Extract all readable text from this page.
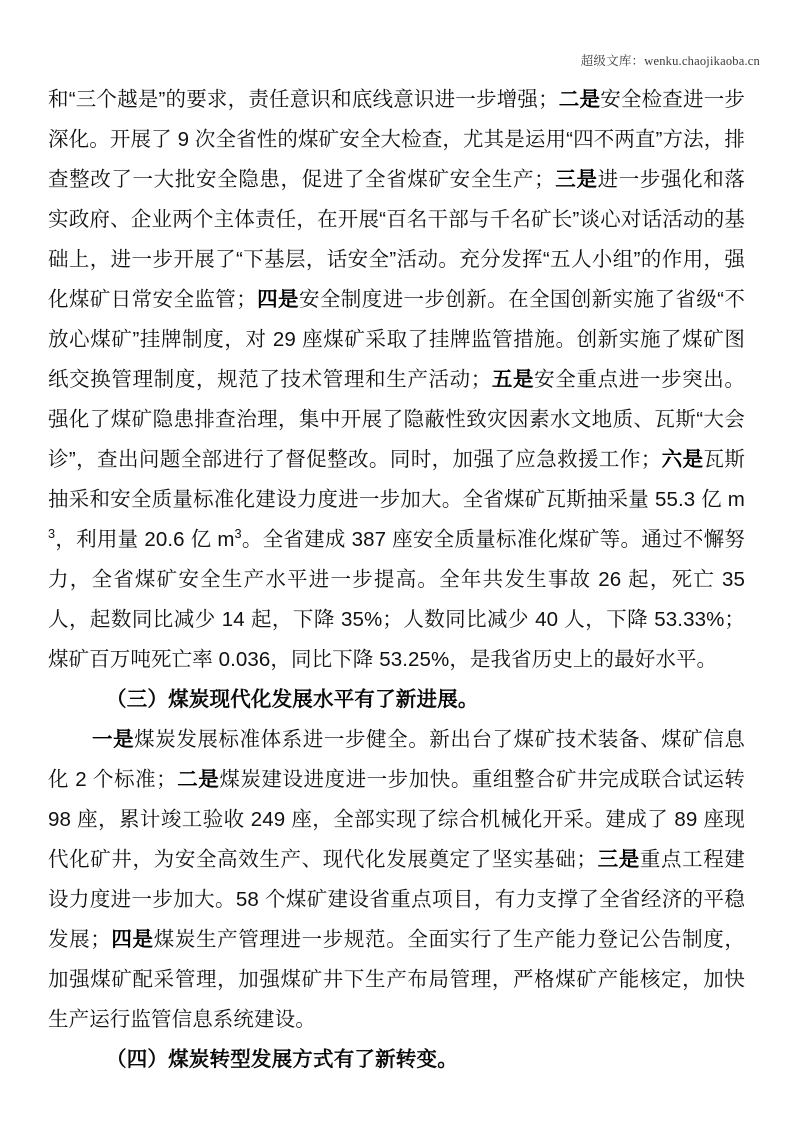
超级文库：wenku.chaojikaoba.cn

和“三个越是”的要求，责任意识和底线意识进一步增强；二是安全检查进一步深化。开展了 9 次全省性的煤矿安全大检查，尤其是运用“四不两直”方法，排查整改了一大批安全隐患，促进了全省煤矿安全生产；三是进一步强化和落实政府、企业两个主体责任，在开展“百名干部与千名矿长”谈心对话活动的基础上，进一步开展了“下基层，话安全”活动。充分发挥“五人小组”的作用，强化煤矿日常安全监管；四是安全制度进一步创新。在全国创新实施了省级“不放心煤矿”挂牌制度，对 29 座煤矿采取了挂牌监管措施。创新实施了煤矿图纸交换管理制度，规范了技术管理和生产活动；五是安全重点进一步突出。强化了煤矿隐患排查治理，集中开展了隐蔽性致灾因素水文地质、瓦斯“大会诊”，查出问题全部进行了督促整改。同时，加强了应急救援工作；六是瓦斯抽采和安全质量标准化建设力度进一步加大。全省煤矿瓦斯抽采量 55.3 亿 $m^3$，利用量 20.6 亿 $m^3$。全省建成 387 座安全质量标准化煤矿等。通过不懈努力，全省煤矿安全生产水平进一步提高。全年共发生事故 26 起，死亡 35 人，起数同比减少 14 起，下降 35%；人数同比减少 40 人，下降 53.33%；煤矿百万吨死亡率 0.036，同比下降 53.25%，是我省历史上的最好水平。

（三）煤炭现代化发展水平有了新进展。

一是煤炭发展标准体系进一步健全。新出台了煤矿技术装备、煤矿信息化 2 个标准；二是煤炭建设进度进一步加快。重组整合矿井完成联合试运转 98 座，累计竣工验收 249 座，全部实现了综合机械化开采。建成了 89 座现代化矿井，为安全高效生产、现代化发展奠定了坚实基础；三是重点工程建设力度进一步加大。58 个煤矿建设省重点项目，有力支撑了全省经济的平稳发展；四是煤炭生产管理进一步规范。全面实行了生产能力登记公告制度，加强煤矿配采管理，加强煤矿井下生产布局管理，严格煤矿产能核定，加快生产运行监管信息系统建设。

（四）煤炭转型发展方式有了新转变。
